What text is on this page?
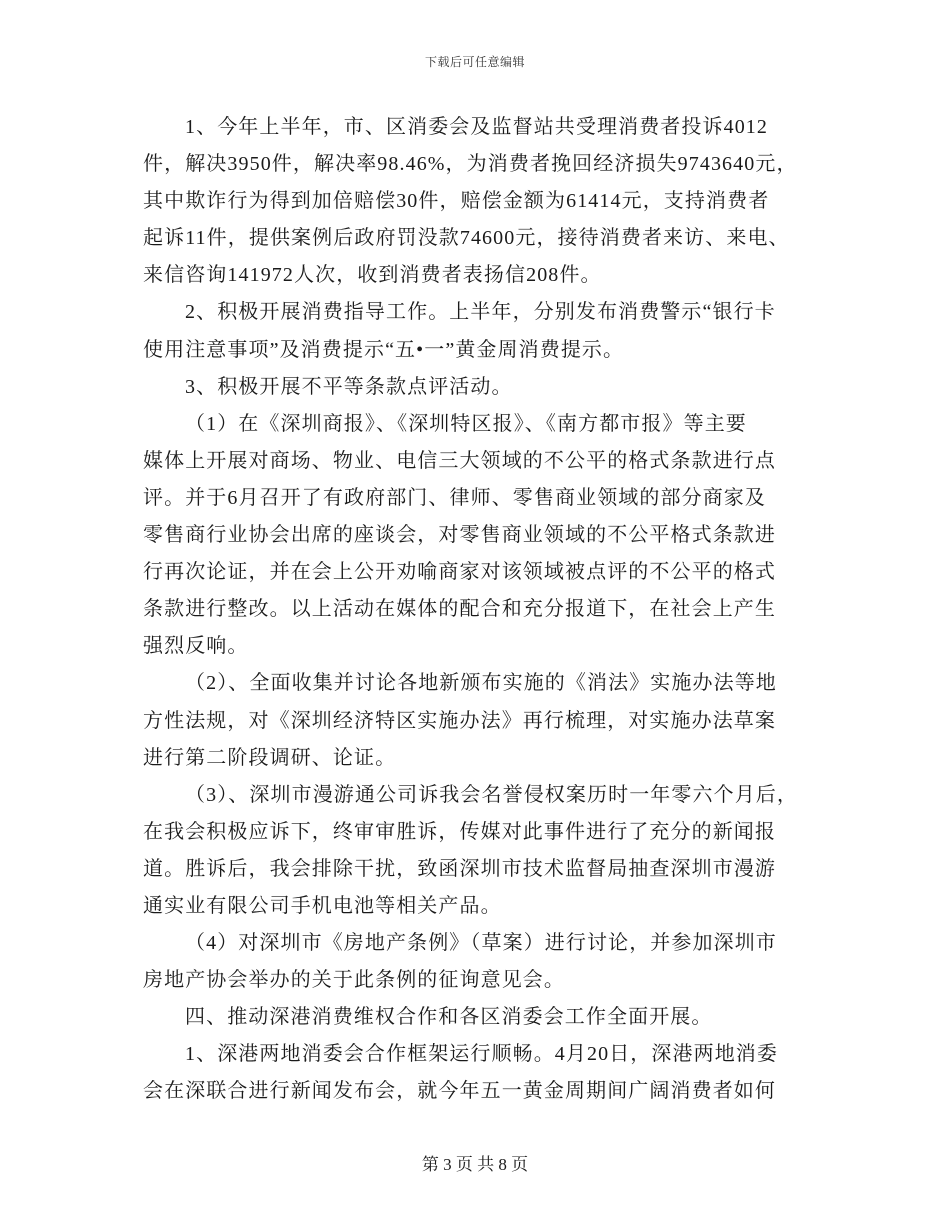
下载后可任意编辑
1、今年上半年，市、区消委会及监督站共受理消费者投诉4012
件，解决3950件，解决率98.46%，为消费者挽回经济损失9743640元，
其中欺诈行为得到加倍赔偿30件，赔偿金额为61414元，支持消费者
起诉11件，提供案例后政府罚没款74600元，接待消费者来访、来电、
来信咨询141972人次，收到消费者表扬信208件。
2、积极开展消费指导工作。上半年，分别发布消费警示“银行卡
使用注意事项”及消费提示“五•一”黄金周消费提示。
3、积极开展不平等条款点评活动。
（1）在《深圳商报》、《深圳特区报》、《南方都市报》等主要
媒体上开展对商场、物业、电信三大领域的不公平的格式条款进行点
评。并于6月召开了有政府部门、律师、零售商业领域的部分商家及
零售商行业协会出席的座谈会，对零售商业领域的不公平格式条款进
行再次论证，并在会上公开劝喻商家对该领域被点评的不公平的格式
条款进行整改。以上活动在媒体的配合和充分报道下，在社会上产生
强烈反响。
（2）、全面收集并讨论各地新颁布实施的《消法》实施办法等地
方性法规，对《深圳经济特区实施办法》再行梳理，对实施办法草案
进行第二阶段调研、论证。
（3）、深圳市漫游通公司诉我会名誉侵权案历时一年零六个月后，
在我会积极应诉下，终审审胜诉，传媒对此事件进行了充分的新闻报
道。胜诉后，我会排除干扰，致函深圳市技术监督局抽查深圳市漫游
通实业有限公司手机电池等相关产品。
（4）对深圳市《房地产条例》（草案）进行讨论，并参加深圳市
房地产协会举办的关于此条例的征询意见会。
四、推动深港消费维权合作和各区消委会工作全面开展。
1、深港两地消委会合作框架运行顺畅。4月20日，深港两地消委
会在深联合进行新闻发布会，就今年五一黄金周期间广阔消费者如何
第 3 页 共 8 页
